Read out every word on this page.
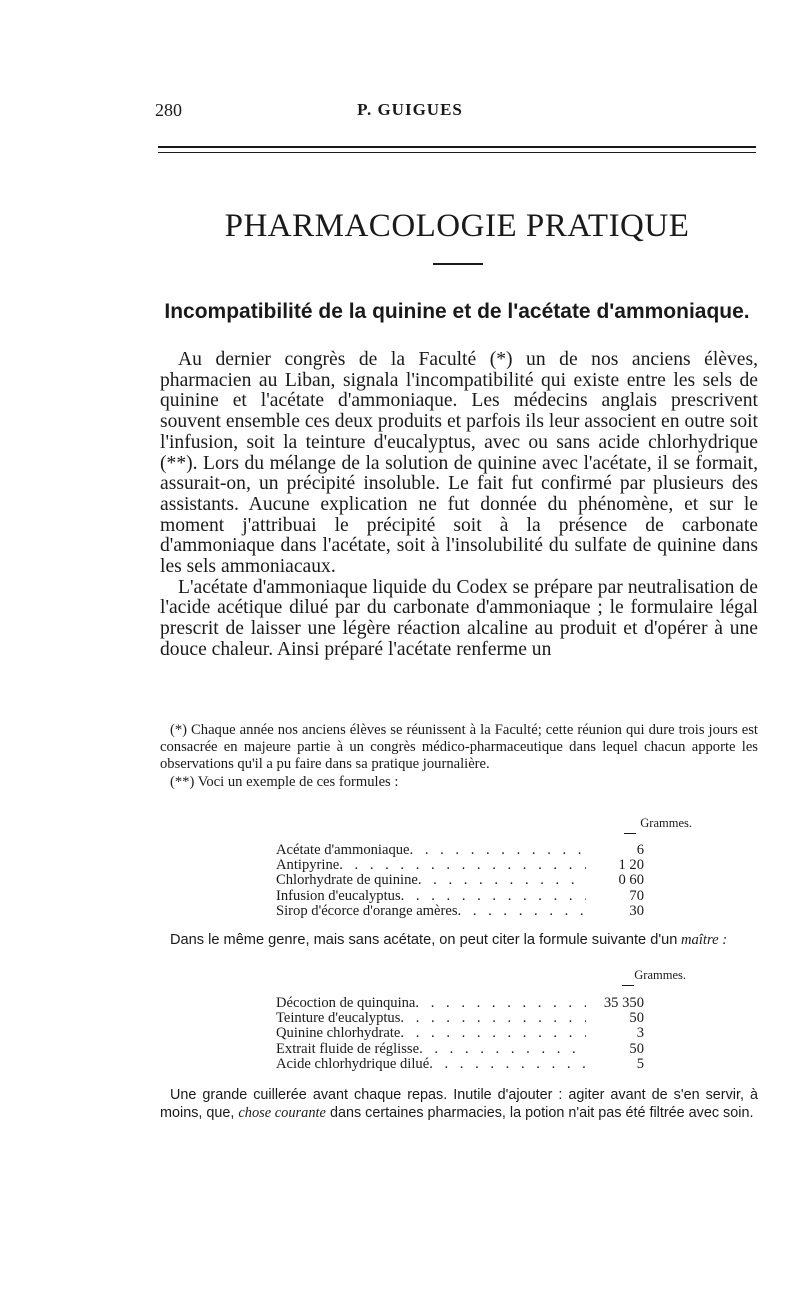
280	P. GUIGUES
PHARMACOLOGIE PRATIQUE
Incompatibilité de la quinine et de l'acétate d'ammoniaque.

Au dernier congrès de la Faculté (*) un de nos anciens élèves, pharmacien au Liban, signala l'incompatibilité qui existe entre les sels de quinine et l'acétate d'ammoniaque. Les médecins anglais prescrivent souvent ensemble ces deux produits et parfois ils leur associent en outre soit l'infusion, soit la teinture d'eucalyptus, avec ou sans acide chlorhydrique (**). Lors du mélange de la solution de quinine avec l'acétate, il se formait, assurait-on, un précipité insoluble. Le fait fut confirmé par plusieurs des assistants. Aucune explication ne fut donnée du phénomène, et sur le moment j'attribuai le précipité soit à la présence de carbonate d'ammoniaque dans l'acétate, soit à l'insolubilité du sulfate de quinine dans les sels ammoniacaux.

L'acétate d'ammoniaque liquide du Codex se prépare par neutralisation de l'acide acétique dilué par du carbonate d'ammoniaque ; le formulaire légal prescrit de laisser une légère réaction alcaline au produit et d'opérer à une douce chaleur. Ainsi préparé l'acétate renferme un

(*) Chaque année nos anciens élèves se réunissent à la Faculté; cette réunion qui dure trois jours est consacrée en majeure partie à un congrès médico-pharmaceutique dans lequel chacun apporte les observations qu'il a pu faire dans sa pratique journalière.

(**) Voci un exemple de ces formules :

Grammes.
Acétate d'ammoniaque . . .	6
Antipyrine . . .	1 20
Chlorhydrate de quinine . . .	0 60
Infusion d'eucalyptus . . .	70
Sirop d'écorce d'orange amères . . .	30

Dans le même genre, mais sans acétate, on peut citer la formule suivante d'un maître :

Grammes.
Décoction de quinquina . . .	35 350
Teinture d'eucalyptus . . .	50
Quinine chlorhydrate . . .	3
Extrait fluide de réglisse . . .	50
Acide chlorhydrique dilué . . .	5

Une grande cuillerée avant chaque repas. Inutile d'ajouter : agiter avant de s'en servir, à moins, que, chose courante dans certaines pharmacies, la potion n'ait pas été filtrée avec soin.
